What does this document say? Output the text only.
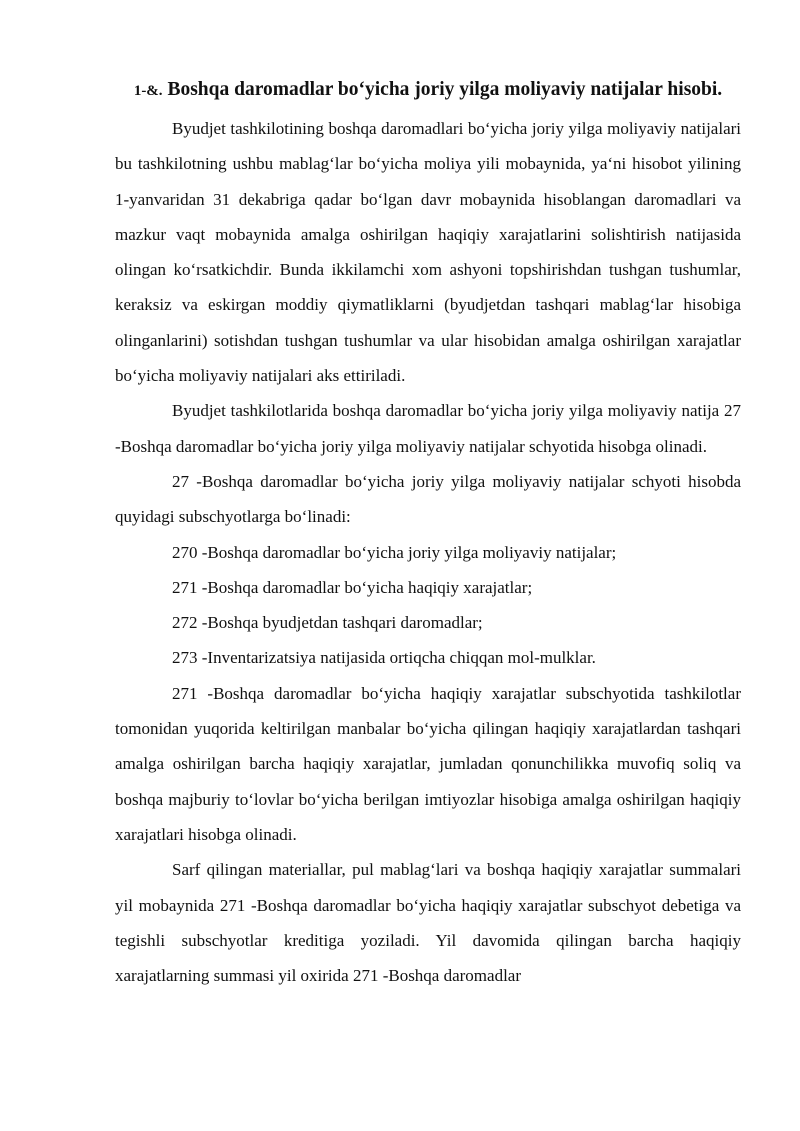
1-&. Boshqa daromadlar bo‘yicha joriy yilga moliyaviy natijalar hisobi.

Byudjet tashkilotining boshqa daromadlari bo‘yicha joriy yilga moliyaviy natijalari bu tashkilotning ushbu mablag‘lar bo‘yicha moliya yili mobaynida, ya‘ni hisobot yilining 1-yanvaridan 31 dekabriga qadar bo‘lgan davr mobaynida hisoblangan daromadlari va mazkur vaqt mobaynida amalga oshirilgan haqiqiy xarajatlarini solishtirish natijasida olingan ko‘rsatkichdir. Bunda ikkilamchi xom ashyoni topshirishdan tushgan tushumlar, keraksiz va eskirgan moddiy qiymatliklarni (byudjetdan tashqari mablag‘lar hisobiga olinganlarini) sotishdan tushgan tushumlar va ular hisobidan amalga oshirilgan xarajatlar bo‘yicha moliyaviy natijalari aks ettiriladi.

Byudjet tashkilotlarida boshqa daromadlar bo‘yicha joriy yilga moliyaviy natija 27 -Boshqa daromadlar bo‘yicha joriy yilga moliyaviy natijalar schyotida hisobga olinadi.

27 -Boshqa daromadlar bo‘yicha joriy yilga moliyaviy natijalar schyoti hisobda quyidagi subschyotlarga bo‘linadi:

270 -Boshqa daromadlar bo‘yicha joriy yilga moliyaviy natijalar;

271 -Boshqa daromadlar bo‘yicha haqiqiy xarajatlar;

272 -Boshqa byudjetdan tashqari daromadlar;

273 -Inventarizatsiya natijasida ortiqcha chiqqan mol-mulklar.

271 -Boshqa daromadlar bo‘yicha haqiqiy xarajatlar subschyotida tashkilotlar tomonidan yuqorida keltirilgan manbalar bo‘yicha qilingan haqiqiy xarajatlardan tashqari amalga oshirilgan barcha haqiqiy xarajatlar, jumladan qonunchilikka muvofiq soliq va boshqa majburiy to‘lovlar bo‘yicha berilgan imtiyozlar hisobiga amalga oshirilgan haqiqiy xarajatlari hisobga olinadi.

Sarf qilingan materiallar, pul mablag‘lari va boshqa haqiqiy xarajatlar summalari yil mobaynida 271 -Boshqa daromadlar bo‘yicha haqiqiy xarajatlar subschyot debetiga va tegishli subschyotlar kreditiga yoziladi. Yil davomida qilingan barcha haqiqiy xarajatlarning summasi yil oxirida 271 -Boshqa daromadlar
